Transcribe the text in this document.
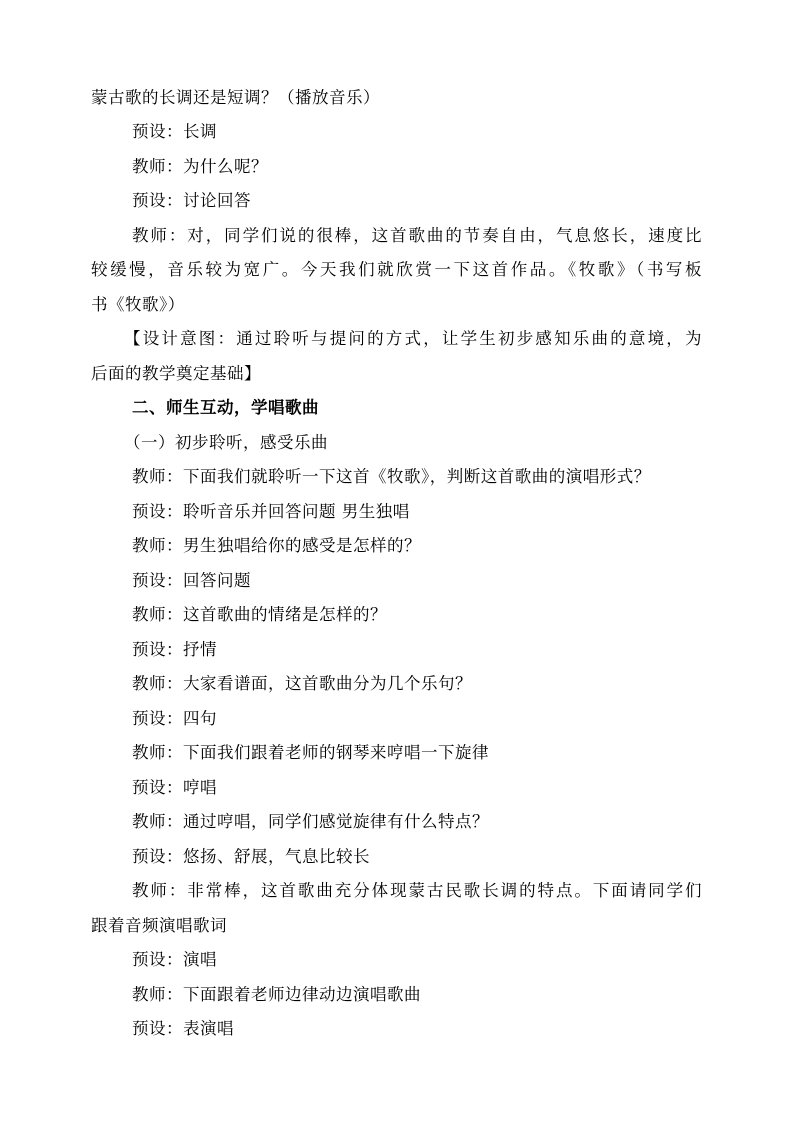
蒙古歌的长调还是短调？（播放音乐）
预设：长调
教师：为什么呢？
预设：讨论回答
教师：对，同学们说的很棒，这首歌曲的节奏自由，气息悠长，速度比
较缓慢，音乐较为宽广。今天我们就欣赏一下这首作品。《牧歌》（书写板
书《牧歌》）
【设计意图：通过聆听与提问的方式，让学生初步感知乐曲的意境，为
后面的教学奠定基础】
二、师生互动，学唱歌曲
（一）初步聆听，感受乐曲
教师：下面我们就聆听一下这首《牧歌》，判断这首歌曲的演唱形式？
预设：聆听音乐并回答问题 男生独唱
教师：男生独唱给你的感受是怎样的？
预设：回答问题
教师：这首歌曲的情绪是怎样的？
预设：抒情
教师：大家看谱面，这首歌曲分为几个乐句？
预设：四句
教师：下面我们跟着老师的钢琴来哼唱一下旋律
预设：哼唱
教师：通过哼唱，同学们感觉旋律有什么特点？
预设：悠扬、舒展，气息比较长
教师：非常棒，这首歌曲充分体现蒙古民歌长调的特点。下面请同学们
跟着音频演唱歌词
预设：演唱
教师：下面跟着老师边律动边演唱歌曲
预设：表演唱
